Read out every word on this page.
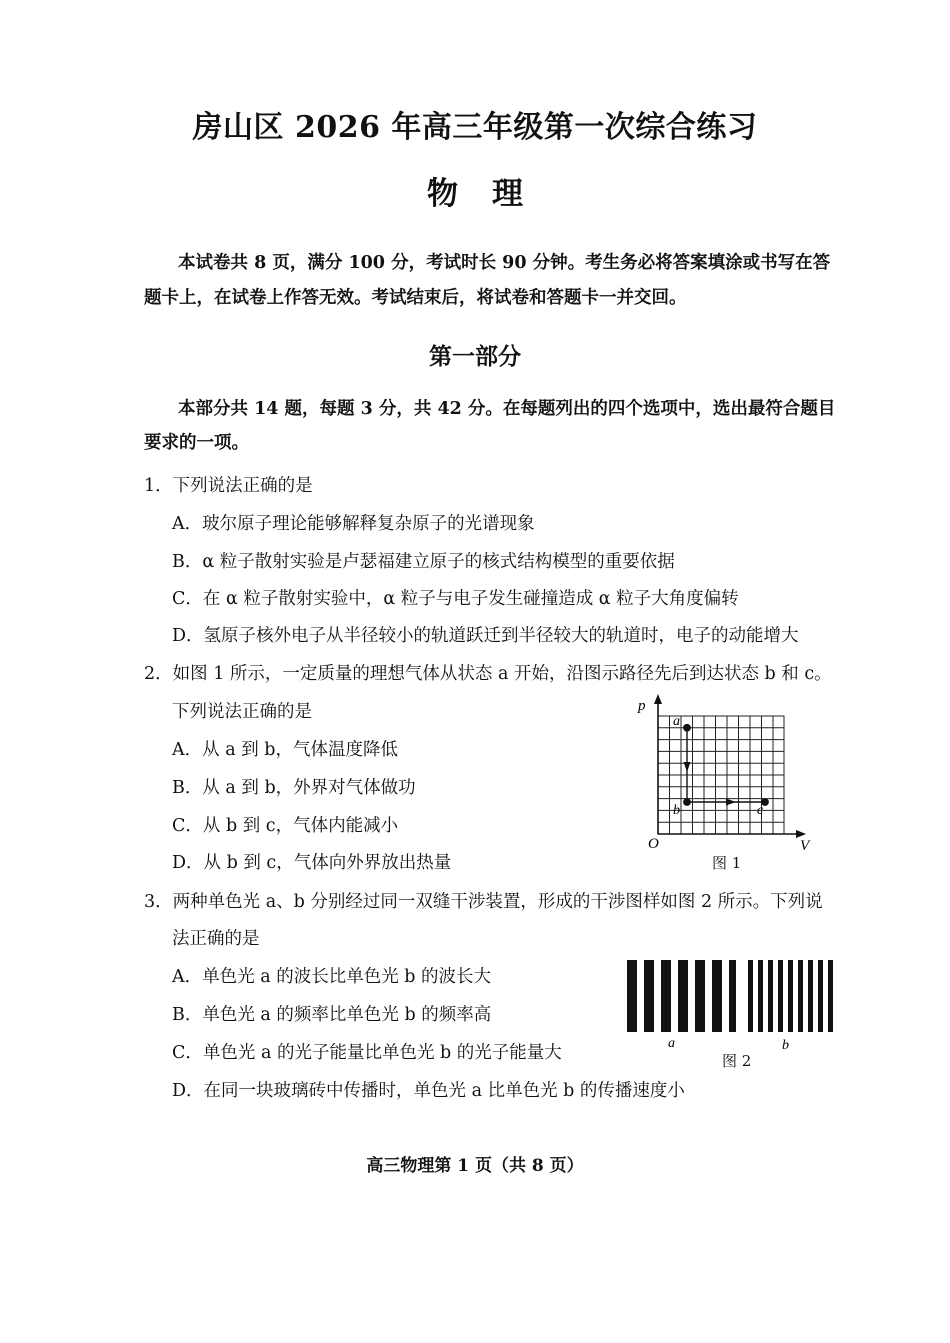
房山区 2026 年高三年级第一次综合练习
物理
本试卷共 8 页，满分 100 分，考试时长 90 分钟。考生务必将答案填涂或书写在答
题卡上，在试卷上作答无效。考试结束后，将试卷和答题卡一并交回。
第一部分
本部分共 14 题，每题 3 分，共 42 分。在每题列出的四个选项中，选出最符合题目
要求的一项。
1．下列说法正确的是
A．玻尔原子理论能够解释复杂原子的光谱现象
B．α 粒子散射实验是卢瑟福建立原子的核式结构模型的重要依据
C．在 α 粒子散射实验中，α 粒子与电子发生碰撞造成 α 粒子大角度偏转
D．氢原子核外电子从半径较小的轨道跃迁到半径较大的轨道时，电子的动能增大
2．如图 1 所示，一定质量的理想气体从状态 a 开始，沿图示路径先后到达状态 b 和 c。
下列说法正确的是
A．从 a 到 b，气体温度降低
B．从 a 到 b，外界对气体做功
C．从 b 到 c，气体内能减小
D．从 b 到 c，气体向外界放出热量
p
V
O
a
b	c
图 1
3．两种单色光 a、b 分别经过同一双缝干涉装置，形成的干涉图样如图 2 所示。下列说
法正确的是
A．单色光 a 的波长比单色光 b 的波长大
B．单色光 a 的频率比单色光 b 的频率高
C．单色光 a 的光子能量比单色光 b 的光子能量大
D．在同一块玻璃砖中传播时，单色光 a 比单色光 b 的传播速度小
a	b
图 2
高三物理第 1 页（共 8 页）
